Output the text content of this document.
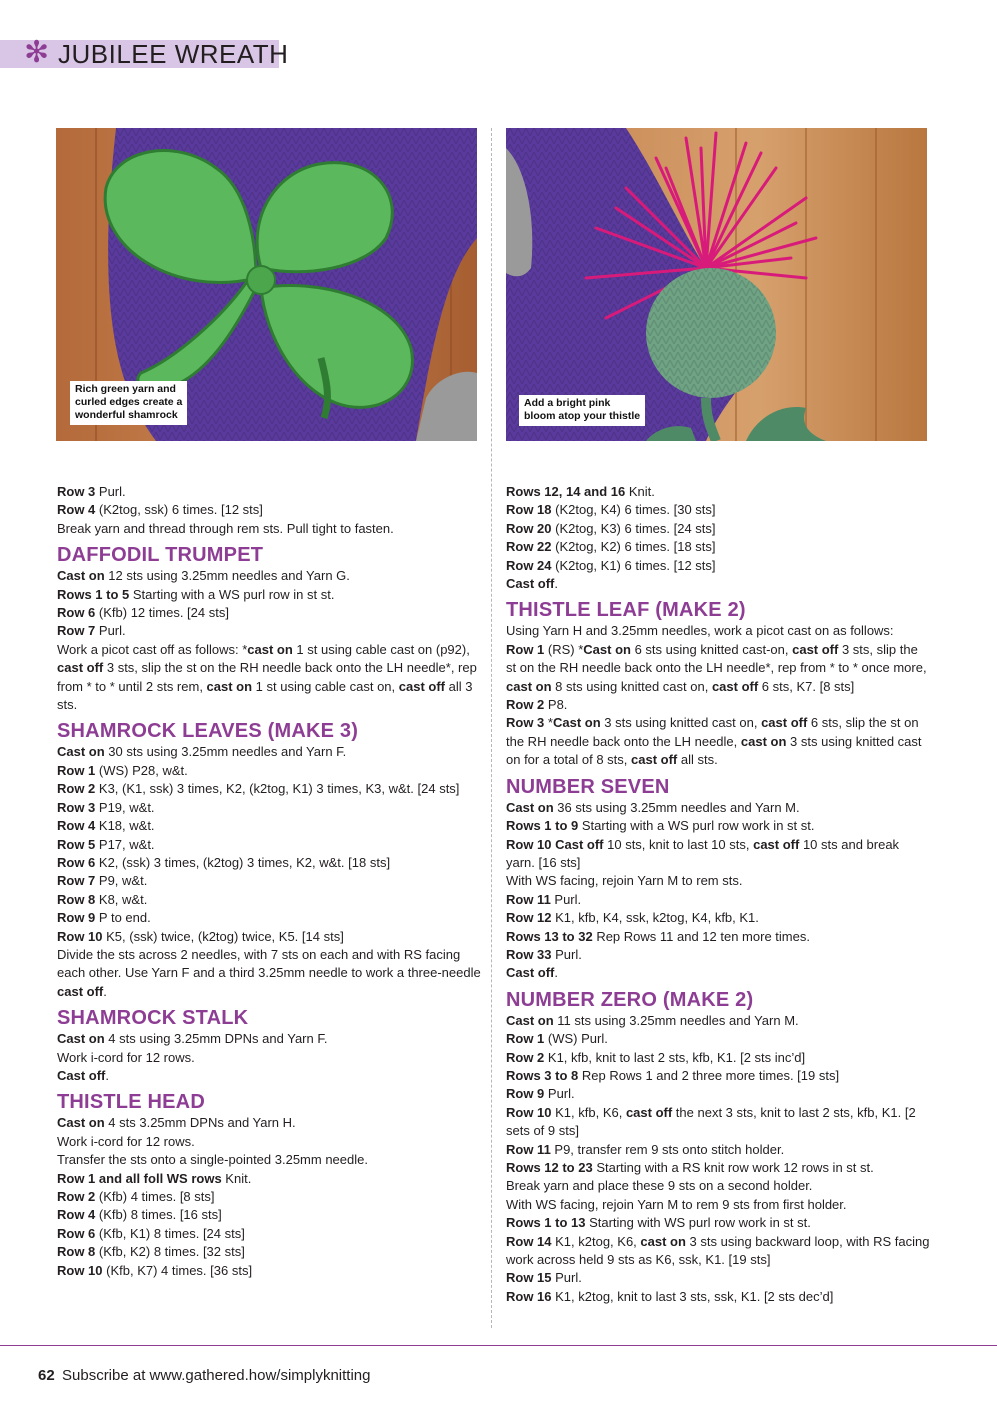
✻ JUBILEE WREATH
Rich green yarn and
curled edges create a
wonderful shamrock
Add a bright pink
bloom atop your thistle

Row 3 Purl.

Row 4 (K2tog, ssk) 6 times. [12 sts]

Break yarn and thread through rem sts. Pull tight to fasten.

DAFFODIL TRUMPET

Cast on 12 sts using 3.25mm needles and Yarn G.

Rows 1 to 5 Starting with a WS purl row in st st.

Row 6 (Kfb) 12 times. [24 sts]

Row 7 Purl.

Work a picot cast off as follows: *cast on 1 st using cable cast on (p92), cast off 3 sts, slip the st on the RH needle back onto the LH needle*, rep from * to * until 2 sts rem, cast on 1 st using cable cast on, cast off all 3 sts.

SHAMROCK LEAVES (MAKE 3)

Cast on 30 sts using 3.25mm needles and Yarn F.

Row 1 (WS) P28, w&t.

Row 2 K3, (K1, ssk) 3 times, K2, (k2tog, K1) 3 times, K3, w&t. [24 sts]

Row 3 P19, w&t.

Row 4 K18, w&t.

Row 5 P17, w&t.

Row 6 K2, (ssk) 3 times, (k2tog) 3 times, K2, w&t. [18 sts]

Row 7 P9, w&t.

Row 8 K8, w&t.

Row 9 P to end.

Row 10 K5, (ssk) twice, (k2tog) twice, K5. [14 sts]

Divide the sts across 2 needles, with 7 sts on each and with RS facing each other. Use Yarn F and a third 3.25mm needle to work a three-needle cast off.

SHAMROCK STALK

Cast on 4 sts using 3.25mm DPNs and Yarn F.

Work i-cord for 12 rows.

Cast off.

THISTLE HEAD

Cast on 4 sts 3.25mm DPNs and Yarn H.

Work i-cord for 12 rows.

Transfer the sts onto a single-pointed 3.25mm needle.

Row 1 and all foll WS rows Knit.

Row 2 (Kfb) 4 times. [8 sts]

Row 4 (Kfb) 8 times. [16 sts]

Row 6 (Kfb, K1) 8 times. [24 sts]

Row 8 (Kfb, K2) 8 times. [32 sts]

Row 10 (Kfb, K7) 4 times. [36 sts]

Rows 12, 14 and 16 Knit.

Row 18 (K2tog, K4) 6 times. [30 sts]

Row 20 (K2tog, K3) 6 times. [24 sts]

Row 22 (K2tog, K2) 6 times. [18 sts]

Row 24 (K2tog, K1) 6 times. [12 sts]

Cast off.

THISTLE LEAF (MAKE 2)

Using Yarn H and 3.25mm needles, work a picot cast on as follows:

Row 1 (RS) *Cast on 6 sts using knitted cast-on, cast off 3 sts, slip the st on the RH needle back onto the LH needle*, rep from * to * once more, cast on 8 sts using knitted cast on, cast off 6 sts, K7. [8 sts]

Row 2 P8.

Row 3 *Cast on 3 sts using knitted cast on, cast off 6 sts, slip the st on the RH needle back onto the LH needle, cast on 3 sts using knitted cast on for a total of 8 sts, cast off all sts.

NUMBER SEVEN

Cast on 36 sts using 3.25mm needles and Yarn M.

Rows 1 to 9 Starting with a WS purl row work in st st.

Row 10 Cast off 10 sts, knit to last 10 sts, cast off 10 sts and break yarn. [16 sts]

With WS facing, rejoin Yarn M to rem sts.

Row 11 Purl.

Row 12 K1, kfb, K4, ssk, k2tog, K4, kfb, K1.

Rows 13 to 32 Rep Rows 11 and 12 ten more times.

Row 33 Purl.

Cast off.

NUMBER ZERO (MAKE 2)

Cast on 11 sts using 3.25mm needles and Yarn M.

Row 1 (WS) Purl.

Row 2 K1, kfb, knit to last 2 sts, kfb, K1. [2 sts inc’d]

Rows 3 to 8 Rep Rows 1 and 2 three more times. [19 sts]

Row 9 Purl.

Row 10 K1, kfb, K6, cast off the next 3 sts, knit to last 2 sts, kfb, K1. [2 sets of 9 sts]

Row 11 P9, transfer rem 9 sts onto stitch holder.

Rows 12 to 23 Starting with a RS knit row work 12 rows in st st.

Break yarn and place these 9 sts on a second holder.

With WS facing, rejoin Yarn M to rem 9 sts from first holder.

Rows 1 to 13 Starting with WS purl row work in st st.

Row 14 K1, k2tog, K6, cast on 3 sts using backward loop, with RS facing work across held 9 sts as K6, ssk, K1. [19 sts]

Row 15 Purl.

Row 16 K1, k2tog, knit to last 3 sts, ssk, K1. [2 sts dec’d]

62 Subscribe at www.gathered.how/simplyknitting
